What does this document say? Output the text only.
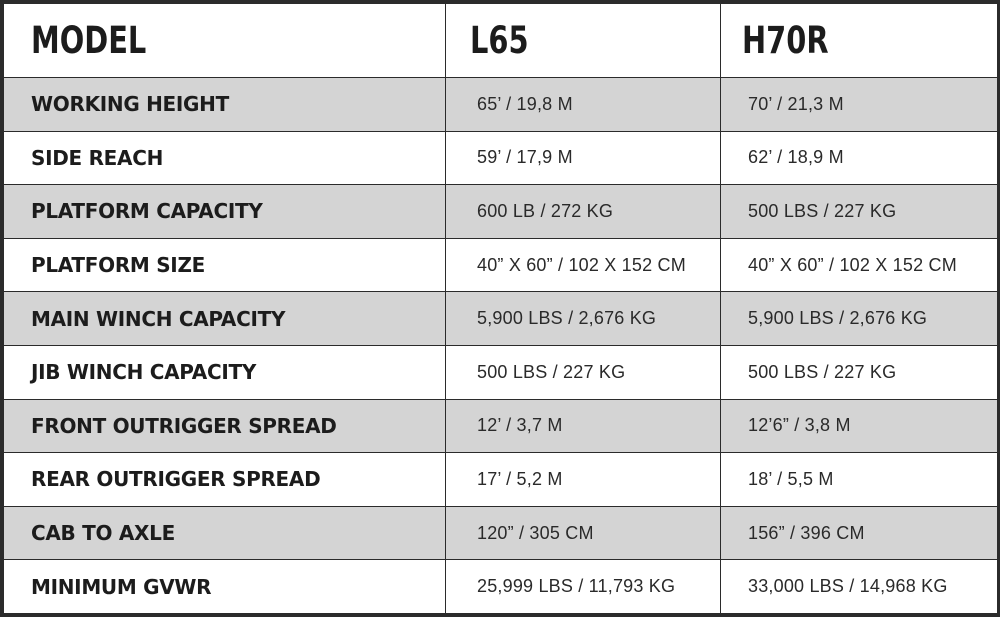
MODEL	L65	H70R
WORKING HEIGHT	65’ / 19,8 M	70’ / 21,3 M
SIDE REACH	59’ / 17,9 M	62’ / 18,9 M
PLATFORM CAPACITY	600 LB / 272 KG	500 LBS / 227 KG
PLATFORM SIZE	40” X 60” / 102 X 152 CM	40” X 60” / 102 X 152 CM
MAIN WINCH CAPACITY	5,900 LBS / 2,676 KG	5,900 LBS / 2,676 KG
JIB WINCH CAPACITY	500 LBS / 227 KG	500 LBS / 227 KG
FRONT OUTRIGGER SPREAD	12’ / 3,7 M	12’6” / 3,8 M
REAR OUTRIGGER SPREAD	17’ / 5,2 M	18’ / 5,5 M
CAB TO AXLE	120” / 305 CM	156” / 396 CM
MINIMUM GVWR	25,999 LBS / 11,793 KG	33,000 LBS / 14,968 KG
